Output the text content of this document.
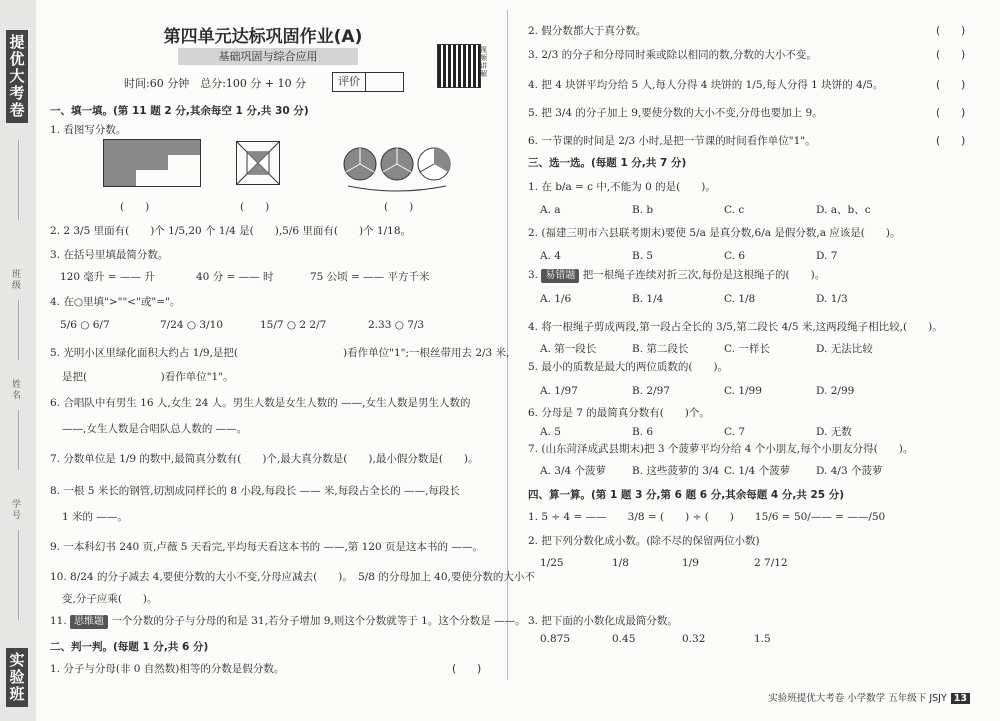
提优大考卷
班级
姓名
学号
实验班
第四单元达标巩固作业(A)
基础巩固与综合应用
时间:60 分钟　总分:100 分 + 10 分	评价
视频讲解
一、填一填。(第 11 题 2 分,其余每空 1 分,共 30 分)
1. 看图写分数。
(　　)	(　　)	(　　)
2. 2 3/5 里面有(　　)个 1/5,20 个 1/4 是(　　),5/6 里面有(　　)个 1/18。
3. 在括号里填最简分数。
120 毫升 = —— 升	40 分 = —— 时	75 公顷 = —— 平方千米
4. 在○里填">""<"或"="。
5/6 ○ 6/7	7/24 ○ 3/10	15/7 ○ 2 2/7	2.33 ○ 7/3
5. 光明小区里绿化面积大约占 1/9,是把(　　　　　　　　　　)看作单位"1";一根丝带用去 2/3 米,
是把(　　　　　　　)看作单位"1"。
6. 合唱队中有男生 16 人,女生 24 人。男生人数是女生人数的 ——,女生人数是男生人数的
——,女生人数是合唱队总人数的 ——。
7. 分数单位是 1/9 的数中,最简真分数有(　　)个,最大真分数是(　　),最小假分数是(　　)。
8. 一根 5 米长的钢管,切割成同样长的 8 小段,每段长 —— 米,每段占全长的 ——,每段长
1 米的 ——。
9. 一本科幻书 240 页,卢薇 5 天看完,平均每天看这本书的 ——,第 120 页是这本书的 ——。
10. 8/24 的分子减去 4,要使分数的大小不变,分母应减去(　　)。　5/8 的分母加上 40,要使分数的大小不
变,分子应乘(　　)。
11. 思维题 一个分数的分子与分母的和是 31,若分子增加 9,则这个分数就等于 1。这个分数是 ——。
二、判一判。(每题 1 分,共 6 分)
1. 分子与分母(非 0 自然数)相等的分数是假分数。	(　　)
2. 假分数都大于真分数。	(　　)
3. 2/3 的分子和分母同时乘或除以相同的数,分数的大小不变。	(　　)
4. 把 4 块饼平均分给 5 人,每人分得 4 块饼的 1/5,每人分得 1 块饼的 4/5。	(　　)
5. 把 3/4 的分子加上 9,要使分数的大小不变,分母也要加上 9。	(　　)
6. 一节课的时间是 2/3 小时,是把一节课的时间看作单位"1"。	(　　)
三、选一选。(每题 1 分,共 7 分)
1. 在 b/a = c 中,不能为 0 的是(　　)。
A. a	B. b	C. c	D. a、b、c
2. (福建三明市六县联考期末)要使 5/a 是真分数,6/a 是假分数,a 应该是(　　)。
A. 4	B. 5	C. 6	D. 7
3. 易错题 把一根绳子连续对折三次,每份是这根绳子的(　　)。
A. 1/6	B. 1/4	C. 1/8	D. 1/3
4. 将一根绳子剪成两段,第一段占全长的 3/5,第二段长 4/5 米,这两段绳子相比较,(　　)。
A. 第一段长	B. 第二段长	C. 一样长	D. 无法比较
5. 最小的质数是最大的两位质数的(　　)。
A. 1/97	B. 2/97	C. 1/99	D. 2/99
6. 分母是 7 的最简真分数有(　　)个。
A. 5	B. 6	C. 7	D. 无数
7. (山东菏泽成武县期末)把 3 个菠萝平均分给 4 个小朋友,每个小朋友分得(　　)。
A. 3/4 个菠萝 B. 这些菠萝的 3/4 C. 1/4 个菠萝 D. 4/3 个菠萝
四、算一算。(第 1 题 3 分,第 6 题 6 分,其余每题 4 分,共 25 分)
1. 5 ÷ 4 = ——　　3/8 = (　　) ÷ (　　)　　15/6 = 50/—— = ——/50
2. 把下列分数化成小数。(除不尽的保留两位小数)
1/25	1/8	1/9	2 7/12
3. 把下面的小数化成最简分数。
0.875	0.45	0.32	1.5
实验班提优大考卷 小学数学 五年级下 JSJY 13
